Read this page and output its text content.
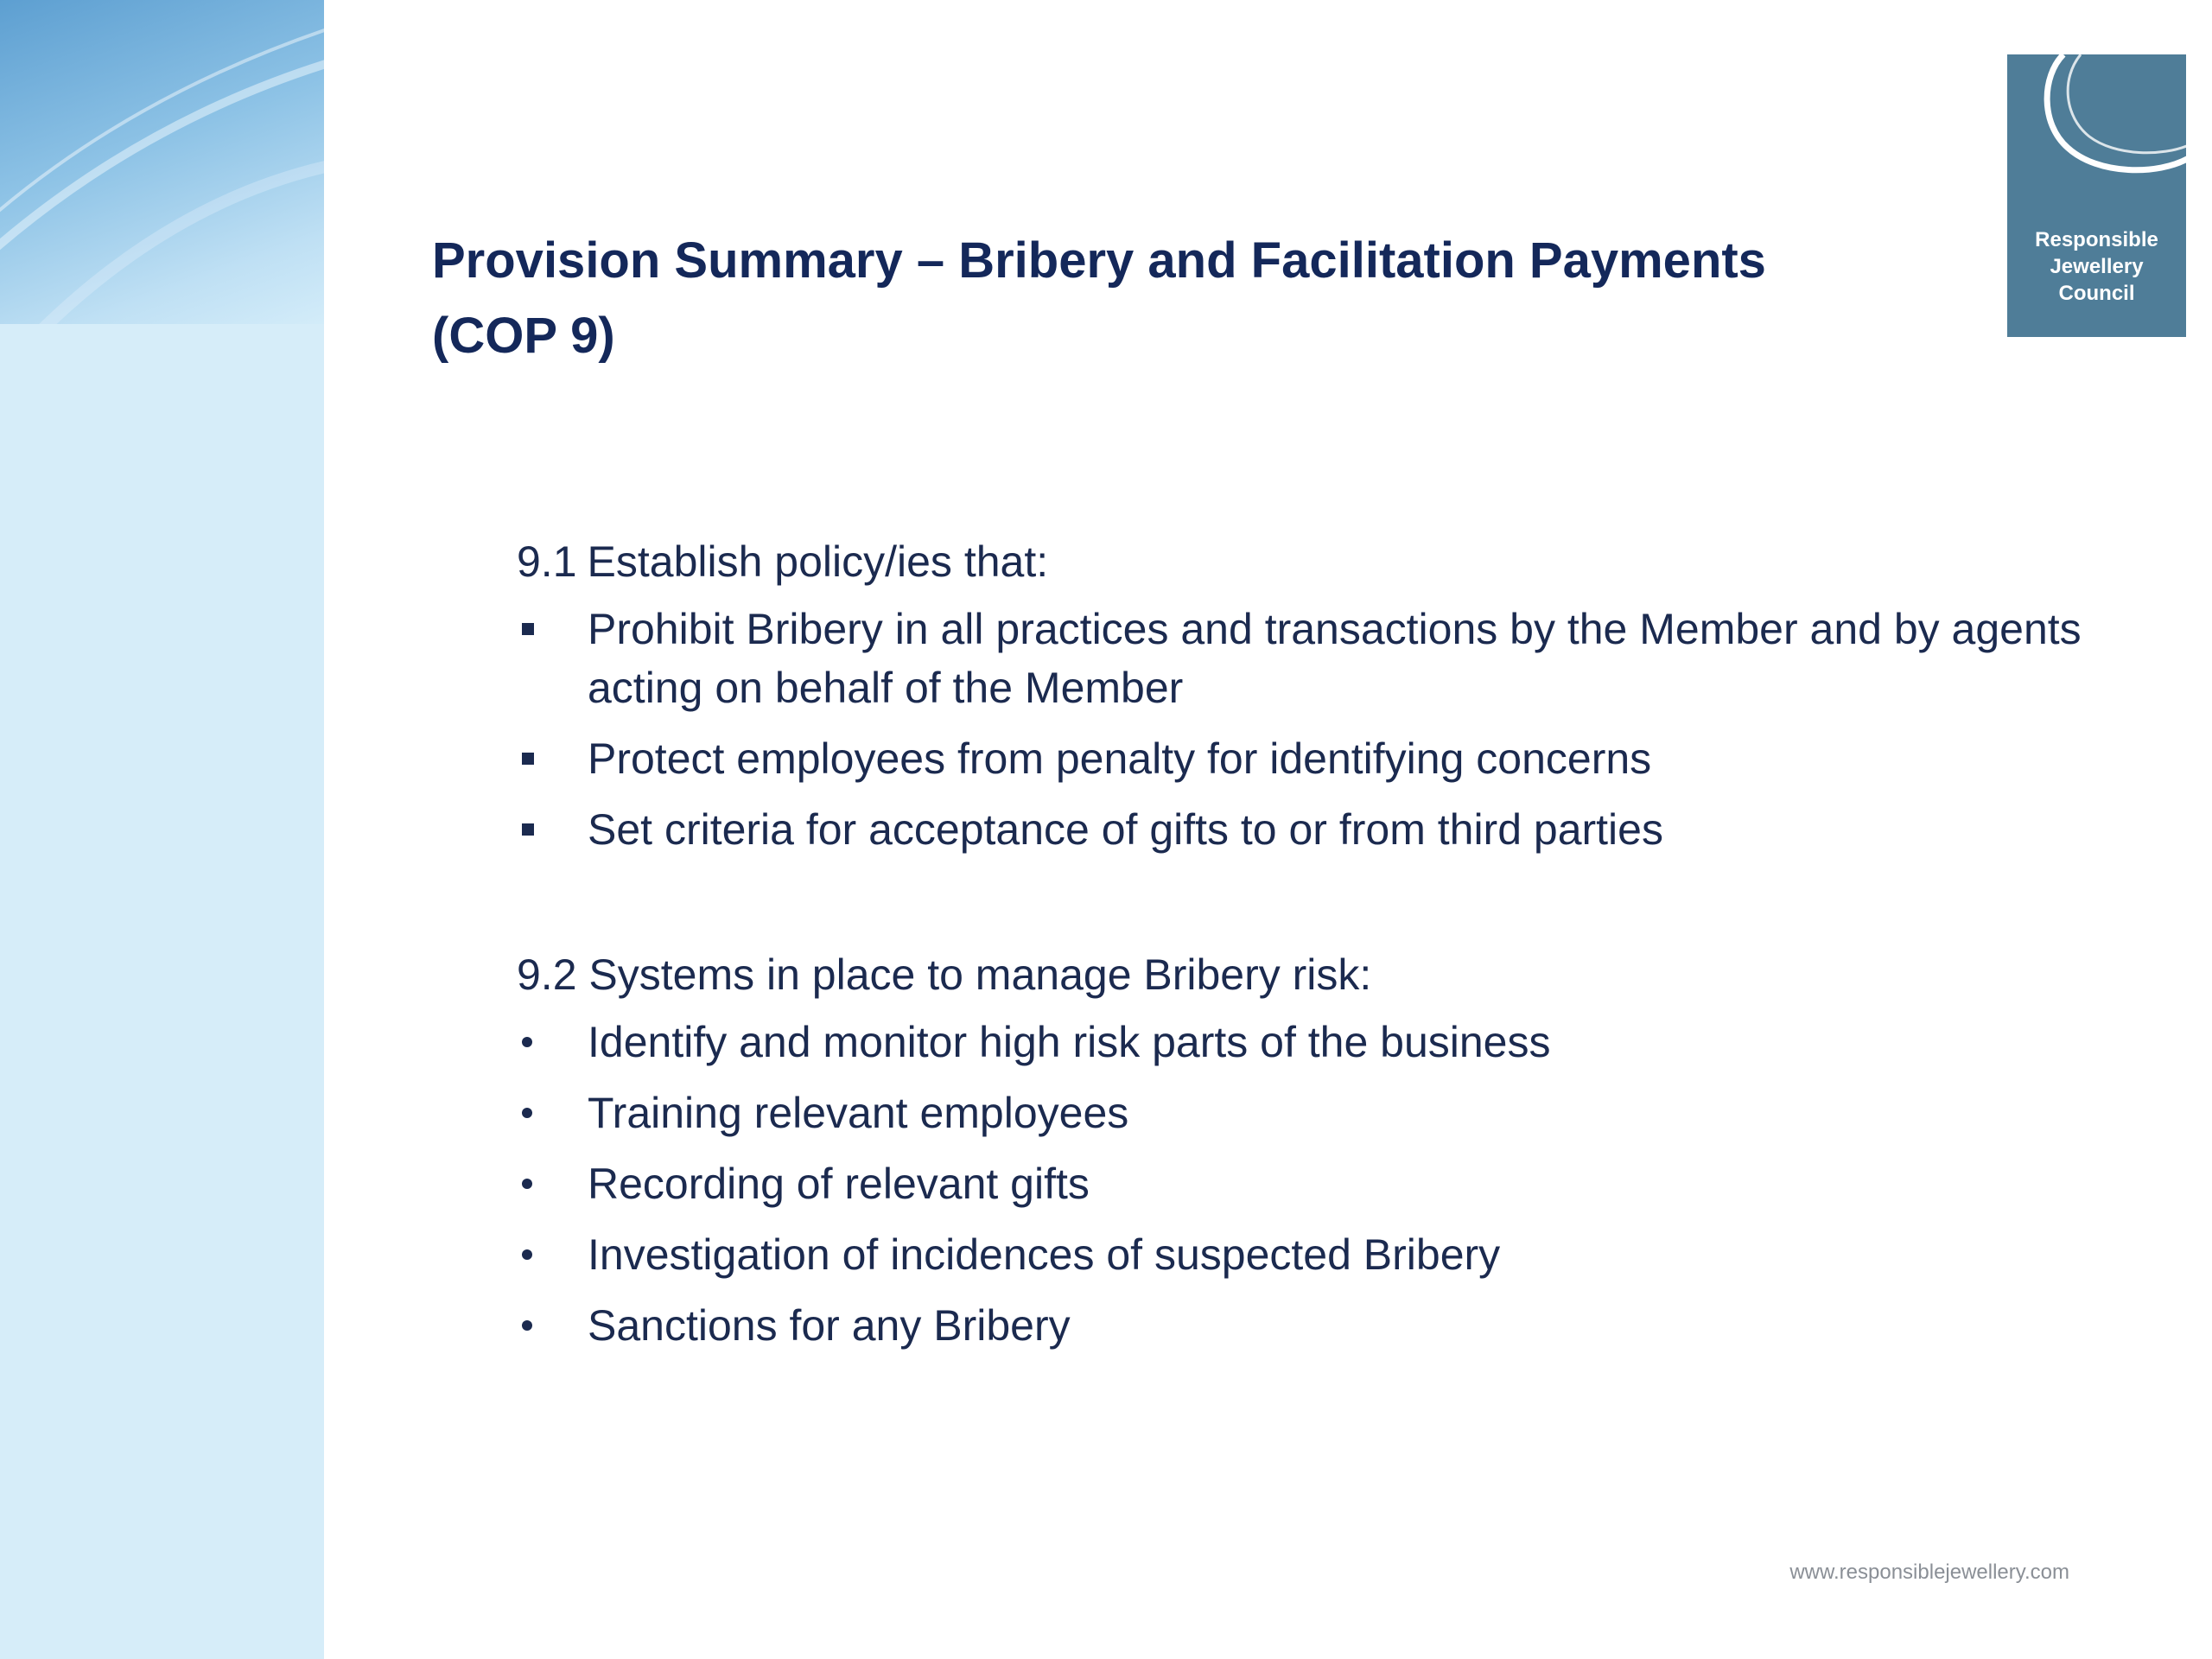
Provision Summary – Bribery and Facilitation Payments
(COP 9)
Responsible
Jewellery
Council

9.1 Establish policy/ies that:

Prohibit Bribery in all practices and transactions by the Member and by agents acting on behalf of the Member
Protect employees from penalty for identifying concerns
Set criteria for acceptance of gifts to or from third parties

9.2 Systems in place to manage Bribery risk:

Identify and monitor high risk parts of the business
Training relevant employees
Recording of relevant gifts
Investigation of incidences of suspected Bribery
Sanctions for any Bribery
www.responsiblejewellery.com
